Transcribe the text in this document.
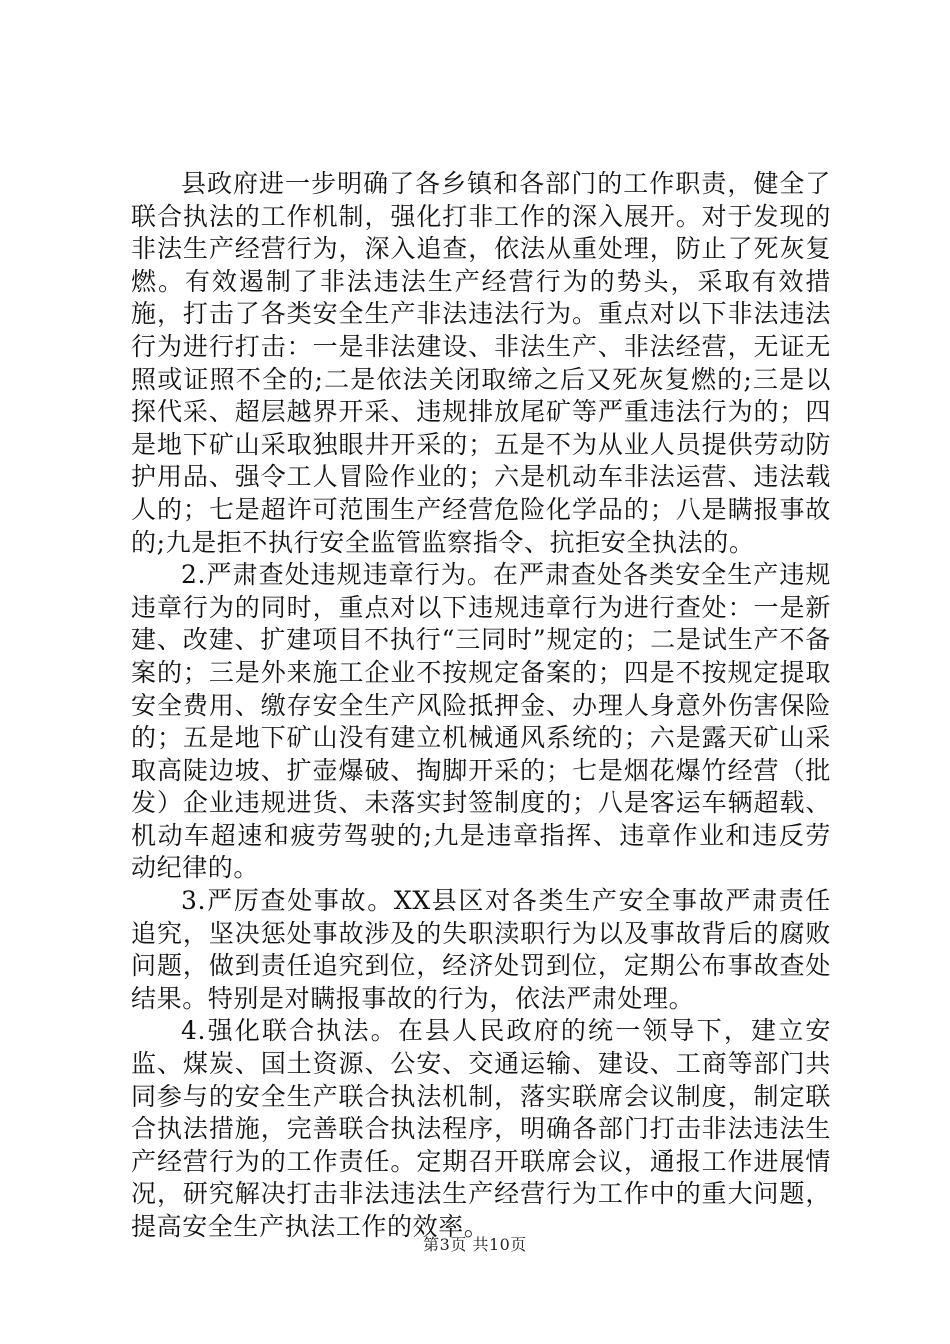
县政府进一步明确了各乡镇和各部门的工作职责，健全了联合执法的工作机制，强化打非工作的深入展开。对于发现的非法生产经营行为，深入追查，依法从重处理，防止了死灰复燃。有效遏制了非法违法生产经营行为的势头，采取有效措施，打击了各类安全生产非法违法行为。重点对以下非法违法行为进行打击：一是非法建设、非法生产、非法经营，无证无照或证照不全的;二是依法关闭取缔之后又死灰复燃的;三是以探代采、超层越界开采、违规排放尾矿等严重违法行为的；四是地下矿山采取独眼井开采的；五是不为从业人员提供劳动防护用品、强令工人冒险作业的；六是机动车非法运营、违法载人的；七是超许可范围生产经营危险化学品的；八是瞒报事故的;九是拒不执行安全监管监察指令、抗拒安全执法的。

2.严肃查处违规违章行为。在严肃查处各类安全生产违规违章行为的同时，重点对以下违规违章行为进行查处：一是新建、改建、扩建项目不执行“三同时”规定的；二是试生产不备案的；三是外来施工企业不按规定备案的；四是不按规定提取安全费用、缴存安全生产风险抵押金、办理人身意外伤害保险的；五是地下矿山没有建立机械通风系统的；六是露天矿山采取高陡边坡、扩壶爆破、掏脚开采的；七是烟花爆竹经营（批发）企业违规进货、未落实封签制度的；八是客运车辆超载、机动车超速和疲劳驾驶的;九是违章指挥、违章作业和违反劳动纪律的。

3.严厉查处事故。XX县区对各类生产安全事故严肃责任追究，坚决惩处事故涉及的失职渎职行为以及事故背后的腐败问题，做到责任追究到位，经济处罚到位，定期公布事故查处结果。特别是对瞒报事故的行为，依法严肃处理。

4.强化联合执法。在县人民政府的统一领导下，建立安监、煤炭、国土资源、公安、交通运输、建设、工商等部门共同参与的安全生产联合执法机制，落实联席会议制度，制定联合执法措施，完善联合执法程序，明确各部门打击非法违法生产经营行为的工作责任。定期召开联席会议，通报工作进展情况，研究解决打击非法违法生产经营行为工作中的重大问题，提高安全生产执法工作的效率。

第3页 共10页
